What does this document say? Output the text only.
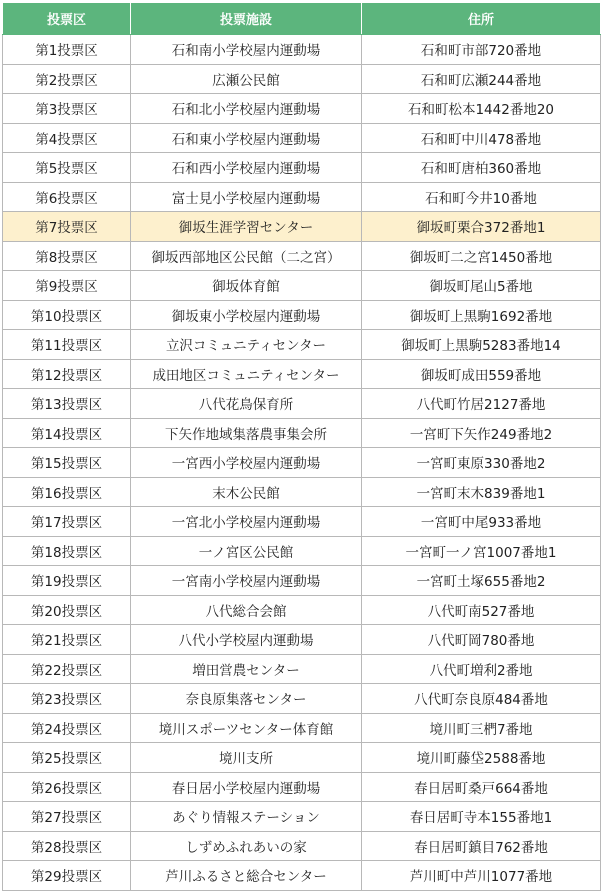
投票区	投票施設	住所
第1投票区	石和南小学校屋内運動場	石和町市部720番地
第2投票区	広瀬公民館	石和町広瀬244番地
第3投票区	石和北小学校屋内運動場	石和町松本1442番地20
第4投票区	石和東小学校屋内運動場	石和町中川478番地
第5投票区	石和西小学校屋内運動場	石和町唐柏360番地
第6投票区	富士見小学校屋内運動場	石和町今井10番地
第7投票区	御坂生涯学習センター	御坂町栗合372番地1
第8投票区	御坂西部地区公民館（二之宮）	御坂町二之宮1450番地
第9投票区	御坂体育館	御坂町尾山5番地
第10投票区	御坂東小学校屋内運動場	御坂町上黒駒1692番地
第11投票区	立沢コミュニティセンター	御坂町上黒駒5283番地14
第12投票区	成田地区コミュニティセンター	御坂町成田559番地
第13投票区	八代花鳥保育所	八代町竹居2127番地
第14投票区	下矢作地域集落農事集会所	一宮町下矢作249番地2
第15投票区	一宮西小学校屋内運動場	一宮町東原330番地2
第16投票区	末木公民館	一宮町末木839番地1
第17投票区	一宮北小学校屋内運動場	一宮町中尾933番地
第18投票区	一ノ宮区公民館	一宮町一ノ宮1007番地1
第19投票区	一宮南小学校屋内運動場	一宮町土塚655番地2
第20投票区	八代総合会館	八代町南527番地
第21投票区	八代小学校屋内運動場	八代町岡780番地
第22投票区	増田営農センター	八代町増利2番地
第23投票区	奈良原集落センター	八代町奈良原484番地
第24投票区	境川スポーツセンター体育館	境川町三椚7番地
第25投票区	境川支所	境川町藤垈2588番地
第26投票区	春日居小学校屋内運動場	春日居町桑戸664番地
第27投票区	あぐり情報ステーション	春日居町寺本155番地1
第28投票区	しずめふれあいの家	春日居町鎮目762番地
第29投票区	芦川ふるさと総合センター	芦川町中芦川1077番地
